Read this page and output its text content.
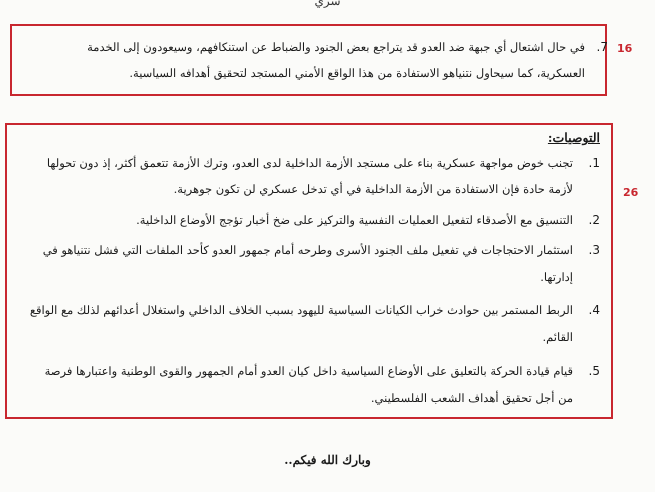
سري
16
.7
في حال اشتعال أي جبهة ضد العدو قد يتراجع بعض الجنود والضباط عن استنكافهم، وسيعودون إلى الخدمة
العسكرية، كما سيحاول نتنياهو الاستفادة من هذا الواقع الأمني المستجد لتحقيق أهدافه السياسية.
26
التوصيات:
.1
تجنب خوض مواجهة عسكرية بناء على مستجد الأزمة الداخلية لدى العدو، وترك الأزمة تتعمق أكثر، إذ دون تحولها
لأزمة حادة فإن الاستفادة من الأزمة الداخلية في أي تدخل عسكري لن تكون جوهرية.
.2
التنسيق مع الأصدقاء لتفعيل العمليات النفسية والتركيز على ضخ أخبار تؤجج الأوضاع الداخلية.
.3
استثمار الاحتجاجات في تفعيل ملف الجنود الأسرى وطرحه أمام جمهور العدو كأحد الملفات التي فشل نتنياهو في
إدارتها.
.4
الربط المستمر بين حوادث خراب الكيانات السياسية لليهود بسبب الخلاف الداخلي واستغلال أعدائهم لذلك مع الواقع
القائم.
.5
قيام قيادة الحركة بالتعليق على الأوضاع السياسية داخل كيان العدو أمام الجمهور والقوى الوطنية واعتبارها فرصة
من أجل تحقيق أهداف الشعب الفلسطيني.
وبارك الله فيكم..
